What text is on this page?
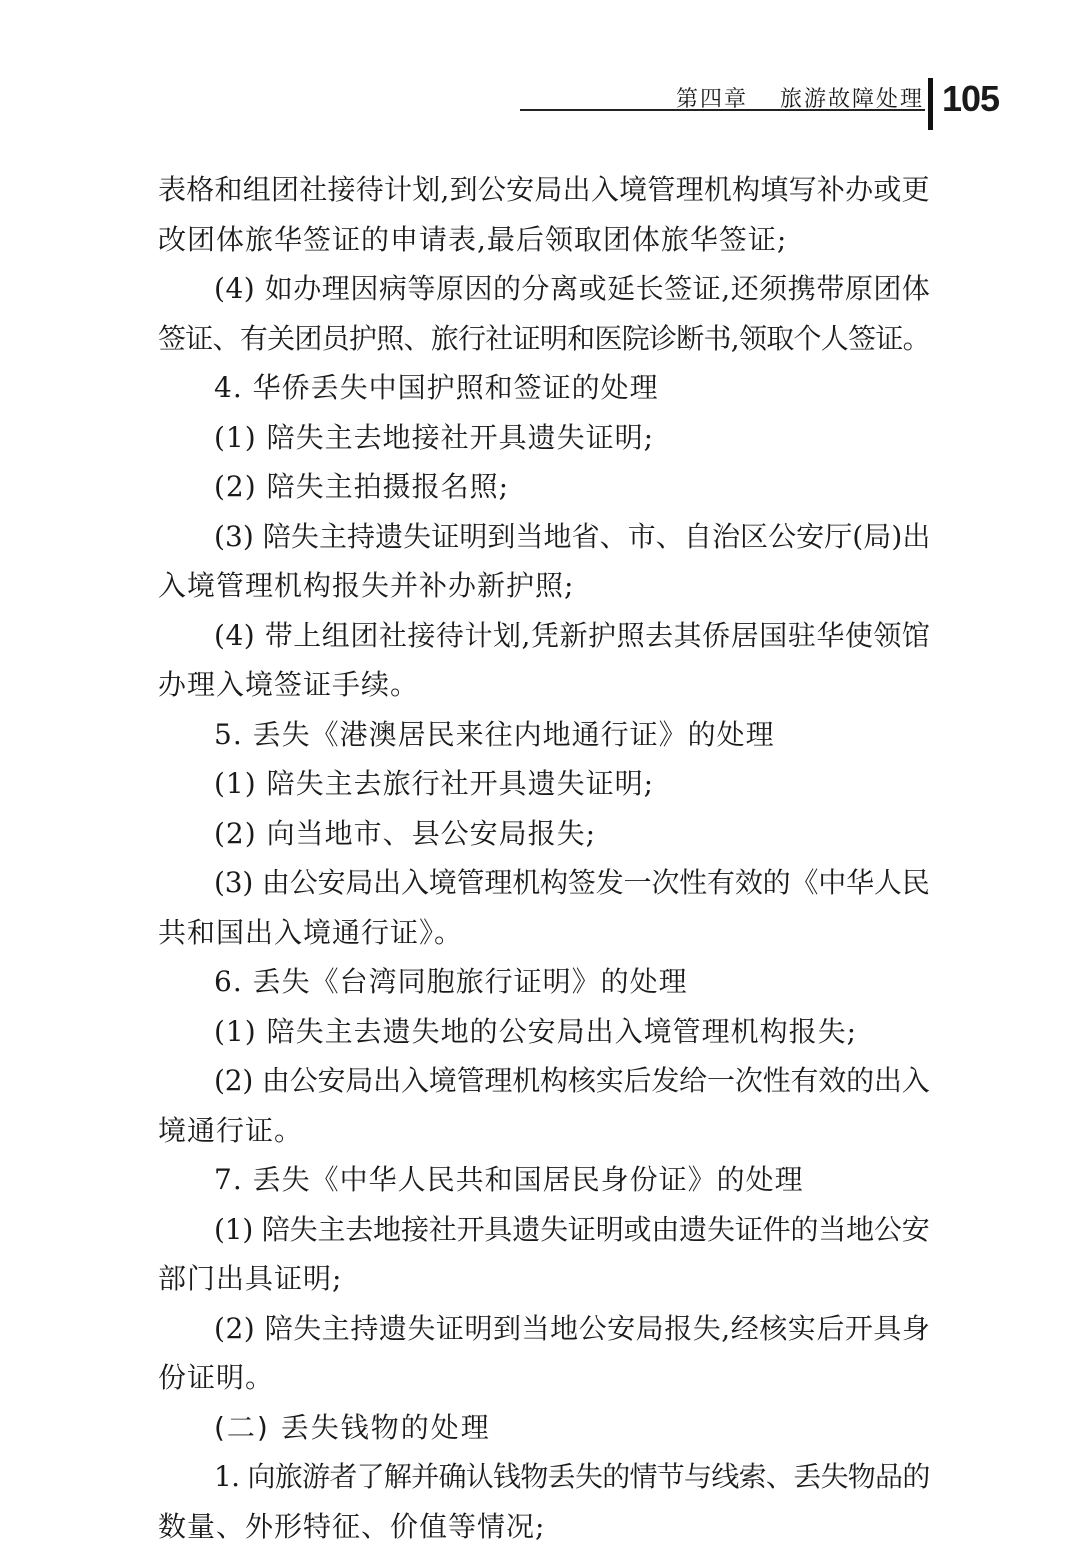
第四章 旅游故障处理 105
表格和组团社接待计划,到公安局出入境管理机构填写补办或更
改团体旅华签证的申请表,最后领取团体旅华签证;
(4) 如办理因病等原因的分离或延长签证,还须携带原团体
签证、有关团员护照、旅行社证明和医院诊断书,领取个人签证。
4. 华侨丢失中国护照和签证的处理
(1) 陪失主去地接社开具遗失证明;
(2) 陪失主拍摄报名照;
(3) 陪失主持遗失证明到当地省、市、自治区公安厅(局)出
入境管理机构报失并补办新护照;
(4) 带上组团社接待计划,凭新护照去其侨居国驻华使领馆
办理入境签证手续。
5. 丢失《港澳居民来往内地通行证》的处理
(1) 陪失主去旅行社开具遗失证明;
(2) 向当地市、县公安局报失;
(3) 由公安局出入境管理机构签发一次性有效的《中华人民
共和国出入境通行证》。
6. 丢失《台湾同胞旅行证明》的处理
(1) 陪失主去遗失地的公安局出入境管理机构报失;
(2) 由公安局出入境管理机构核实后发给一次性有效的出入
境通行证。
7. 丢失《中华人民共和国居民身份证》的处理
(1) 陪失主去地接社开具遗失证明或由遗失证件的当地公安
部门出具证明;
(2) 陪失主持遗失证明到当地公安局报失,经核实后开具身
份证明。
(二) 丢失钱物的处理
1. 向旅游者了解并确认钱物丢失的情节与线索、丢失物品的
数量、外形特征、价值等情况;
